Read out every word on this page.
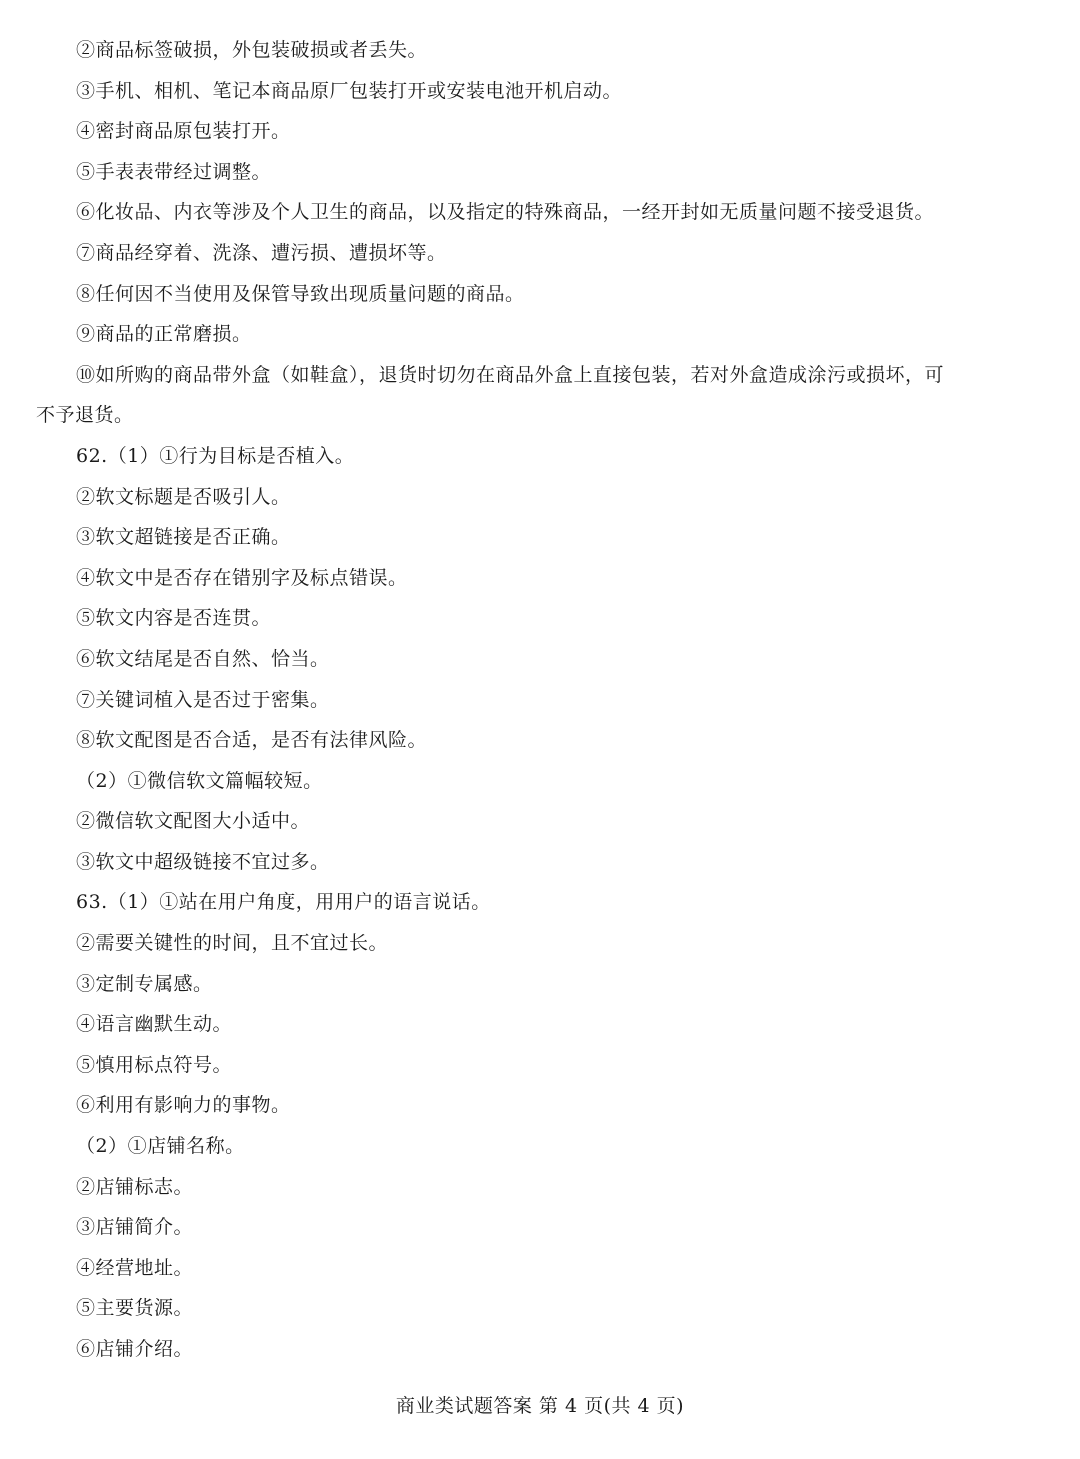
②商品标签破损，外包装破损或者丢失。
③手机、相机、笔记本商品原厂包装打开或安装电池开机启动。
④密封商品原包装打开。
⑤手表表带经过调整。
⑥化妆品、内衣等涉及个人卫生的商品，以及指定的特殊商品，一经开封如无质量问题不接受退货。
⑦商品经穿着、洗涤、遭污损、遭损坏等。
⑧任何因不当使用及保管导致出现质量问题的商品。
⑨商品的正常磨损。
⑩如所购的商品带外盒（如鞋盒），退货时切勿在商品外盒上直接包装，若对外盒造成涂污或损坏，可
不予退货。
62.（1）①行为目标是否植入。
②软文标题是否吸引人。
③软文超链接是否正确。
④软文中是否存在错别字及标点错误。
⑤软文内容是否连贯。
⑥软文结尾是否自然、恰当。
⑦关键词植入是否过于密集。
⑧软文配图是否合适，是否有法律风险。
（2）①微信软文篇幅较短。
②微信软文配图大小适中。
③软文中超级链接不宜过多。
63.（1）①站在用户角度，用用户的语言说话。
②需要关键性的时间，且不宜过长。
③定制专属感。
④语言幽默生动。
⑤慎用标点符号。
⑥利用有影响力的事物。
（2）①店铺名称。
②店铺标志。
③店铺简介。
④经营地址。
⑤主要货源。
⑥店铺介绍。
商业类试题答案 第 4 页(共 4 页)
